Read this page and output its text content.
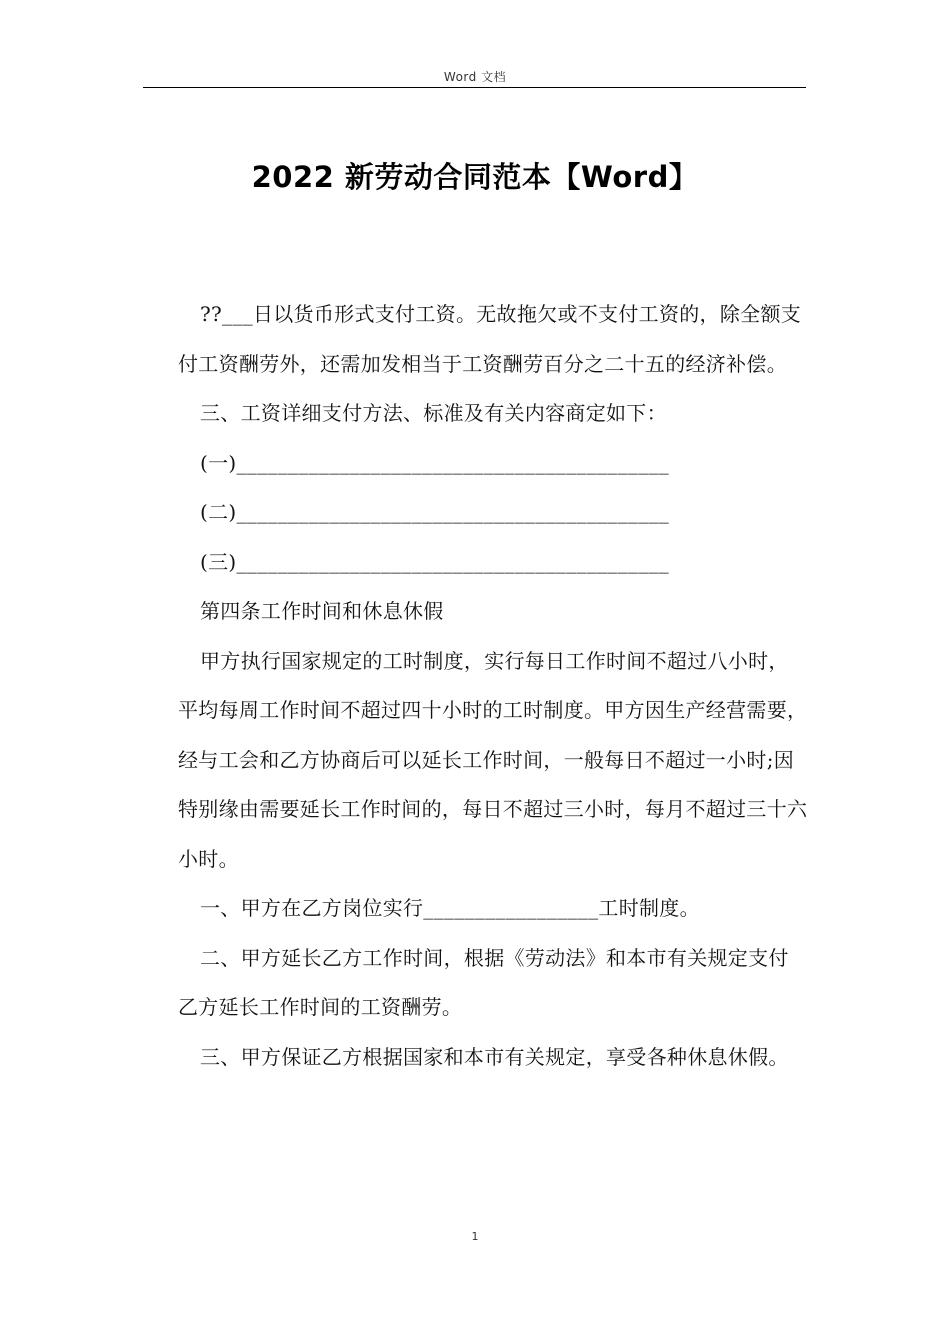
Word 文档
2022 新劳动合同范本【Word】

??___日以货币形式支付工资。无故拖欠或不支付工资的，除全额支付工资酬劳外，还需加发相当于工资酬劳百分之二十五的经济补偿。

三、工资详细支付方法、标准及有关内容商定如下：

(一)__________________________________________

(二)__________________________________________

(三)__________________________________________

第四条工作时间和休息休假

甲方执行国家规定的工时制度，实行每日工作时间不超过八小时，平均每周工作时间不超过四十小时的工时制度。甲方因生产经营需要，经与工会和乙方协商后可以延长工作时间，一般每日不超过一小时;因特别缘由需要延长工作时间的，每日不超过三小时，每月不超过三十六小时。

一、甲方在乙方岗位实行_________________工时制度。

二、甲方延长乙方工作时间，根据《劳动法》和本市有关规定支付乙方延长工作时间的工资酬劳。

三、甲方保证乙方根据国家和本市有关规定，享受各种休息休假。

1
